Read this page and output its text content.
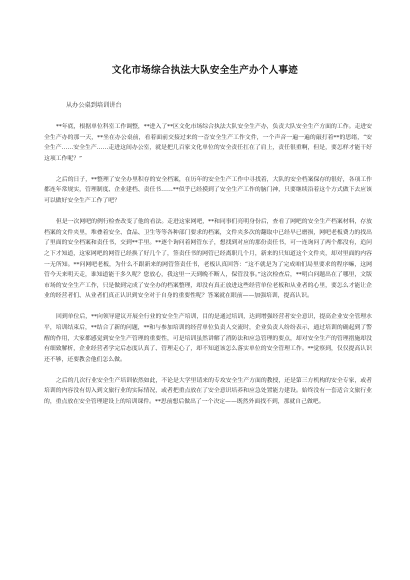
文化市场综合执法大队安全生产办个人事迹
从办公桌到培训讲台

**年底，根据单位科室工作调整，**进入了**区文化市场综合执法大队安全生产办，负责大队安全生产方面的工作。走进安全生产办的那一天，**坐在办公桌前，看着面前交接过来的一沓安全生产工作文件，一个声音一遍一遍的敲打着**的思绪，“安全生产……安全生产……走进这间办公室，就是把几百家文化单位的安全责任扛在了肩上，责任很重啊，但是，要怎样才能干好这项工作呢？”

之后的日子，**整理了安全办里积存的安全档案，在历年的安全生产工作中寻找着，大队的安全档案保存的很好，各项工作都连年常规实，管理制度、企业建档、责任书……**似乎已经摸到了安全生产工作的脑门神，只要继续沿着这个方式做下去应该可以做好安全生产工作了吧？

但是一次网吧的例行检查改变了他的看法。走进这家网吧，**和同事们亮明身份后，查看了网吧的安全生产档案材料，存放档案的文件夹里，堆叠着安全、食品、卫生等等各种部门要求的档案，文件夹多次的翻取中已经早已磨损，网吧老板费力的找出了里面的安全档案和责任书，交到**手里。**逐个询问着网管东子，想找到对应的那份责任书，可一连询问了两个都没有，追问之下才知道，这家网吧的网管已经换了好几个了，签责任书的网管已经离职几个月，新来的只知道这个文件夹，却对里面的内容一无所知。**问网吧老板，为什么不跟新来的网管签责任书，老板认真回答：“这不就是为了完成咱们局里要求的程序嘛，这网管今天来明天走，谁知道能干多久呢？您放心，我这里一天到晚不断人，保管没事。”这次检查后，**明白问题出在了哪里，文版市场的安全生产工作，只是做到完成了安全办的档案整理，却没有真正放进这些经营单位老板和从业者的心里，要怎么才能让企业的经营者们、从业者们真正认识到安全对于自身的重要性呢？答案就在眼前——加强培训，提高认识。

回到单位后，**向领导建议开展全行业的安全生产培训，目的是通过培训，达到增强经营者安全意识，提高企业安全管理水平，培训结束后，**结合了新的问题，**和与参加培训的经营单位负责人交流时，企业负责人纷纷表示，通过培训的确起到了警醒的作用，大家都感觉到安全生产管理的重要性，可是培训虽然讲解了消防法和应急管理的要点，却对安全生产的管理措施却没有细致解析，企业经营者学完后态度认真了、管理走心了，却不知道该怎么落实单位的安全管理工作。**觉察到，仅仅提高认识还不够，还要教会他们怎么做。

之后的几次行业安全生产培训依然如此，不论是大学里请来的专攻安全生产方面的教授，还是第三方机构的安全专家，或者培训的内容没有切入到文旅行业的实际情况，或者把重点放在了安全意识培养和应急处置能力建设。始终没有一套适合文旅行业的，重点放在安全管理建设上的培训课件。**思前想后做出了一个决定——既然外面找不到，那就自己做吧。
